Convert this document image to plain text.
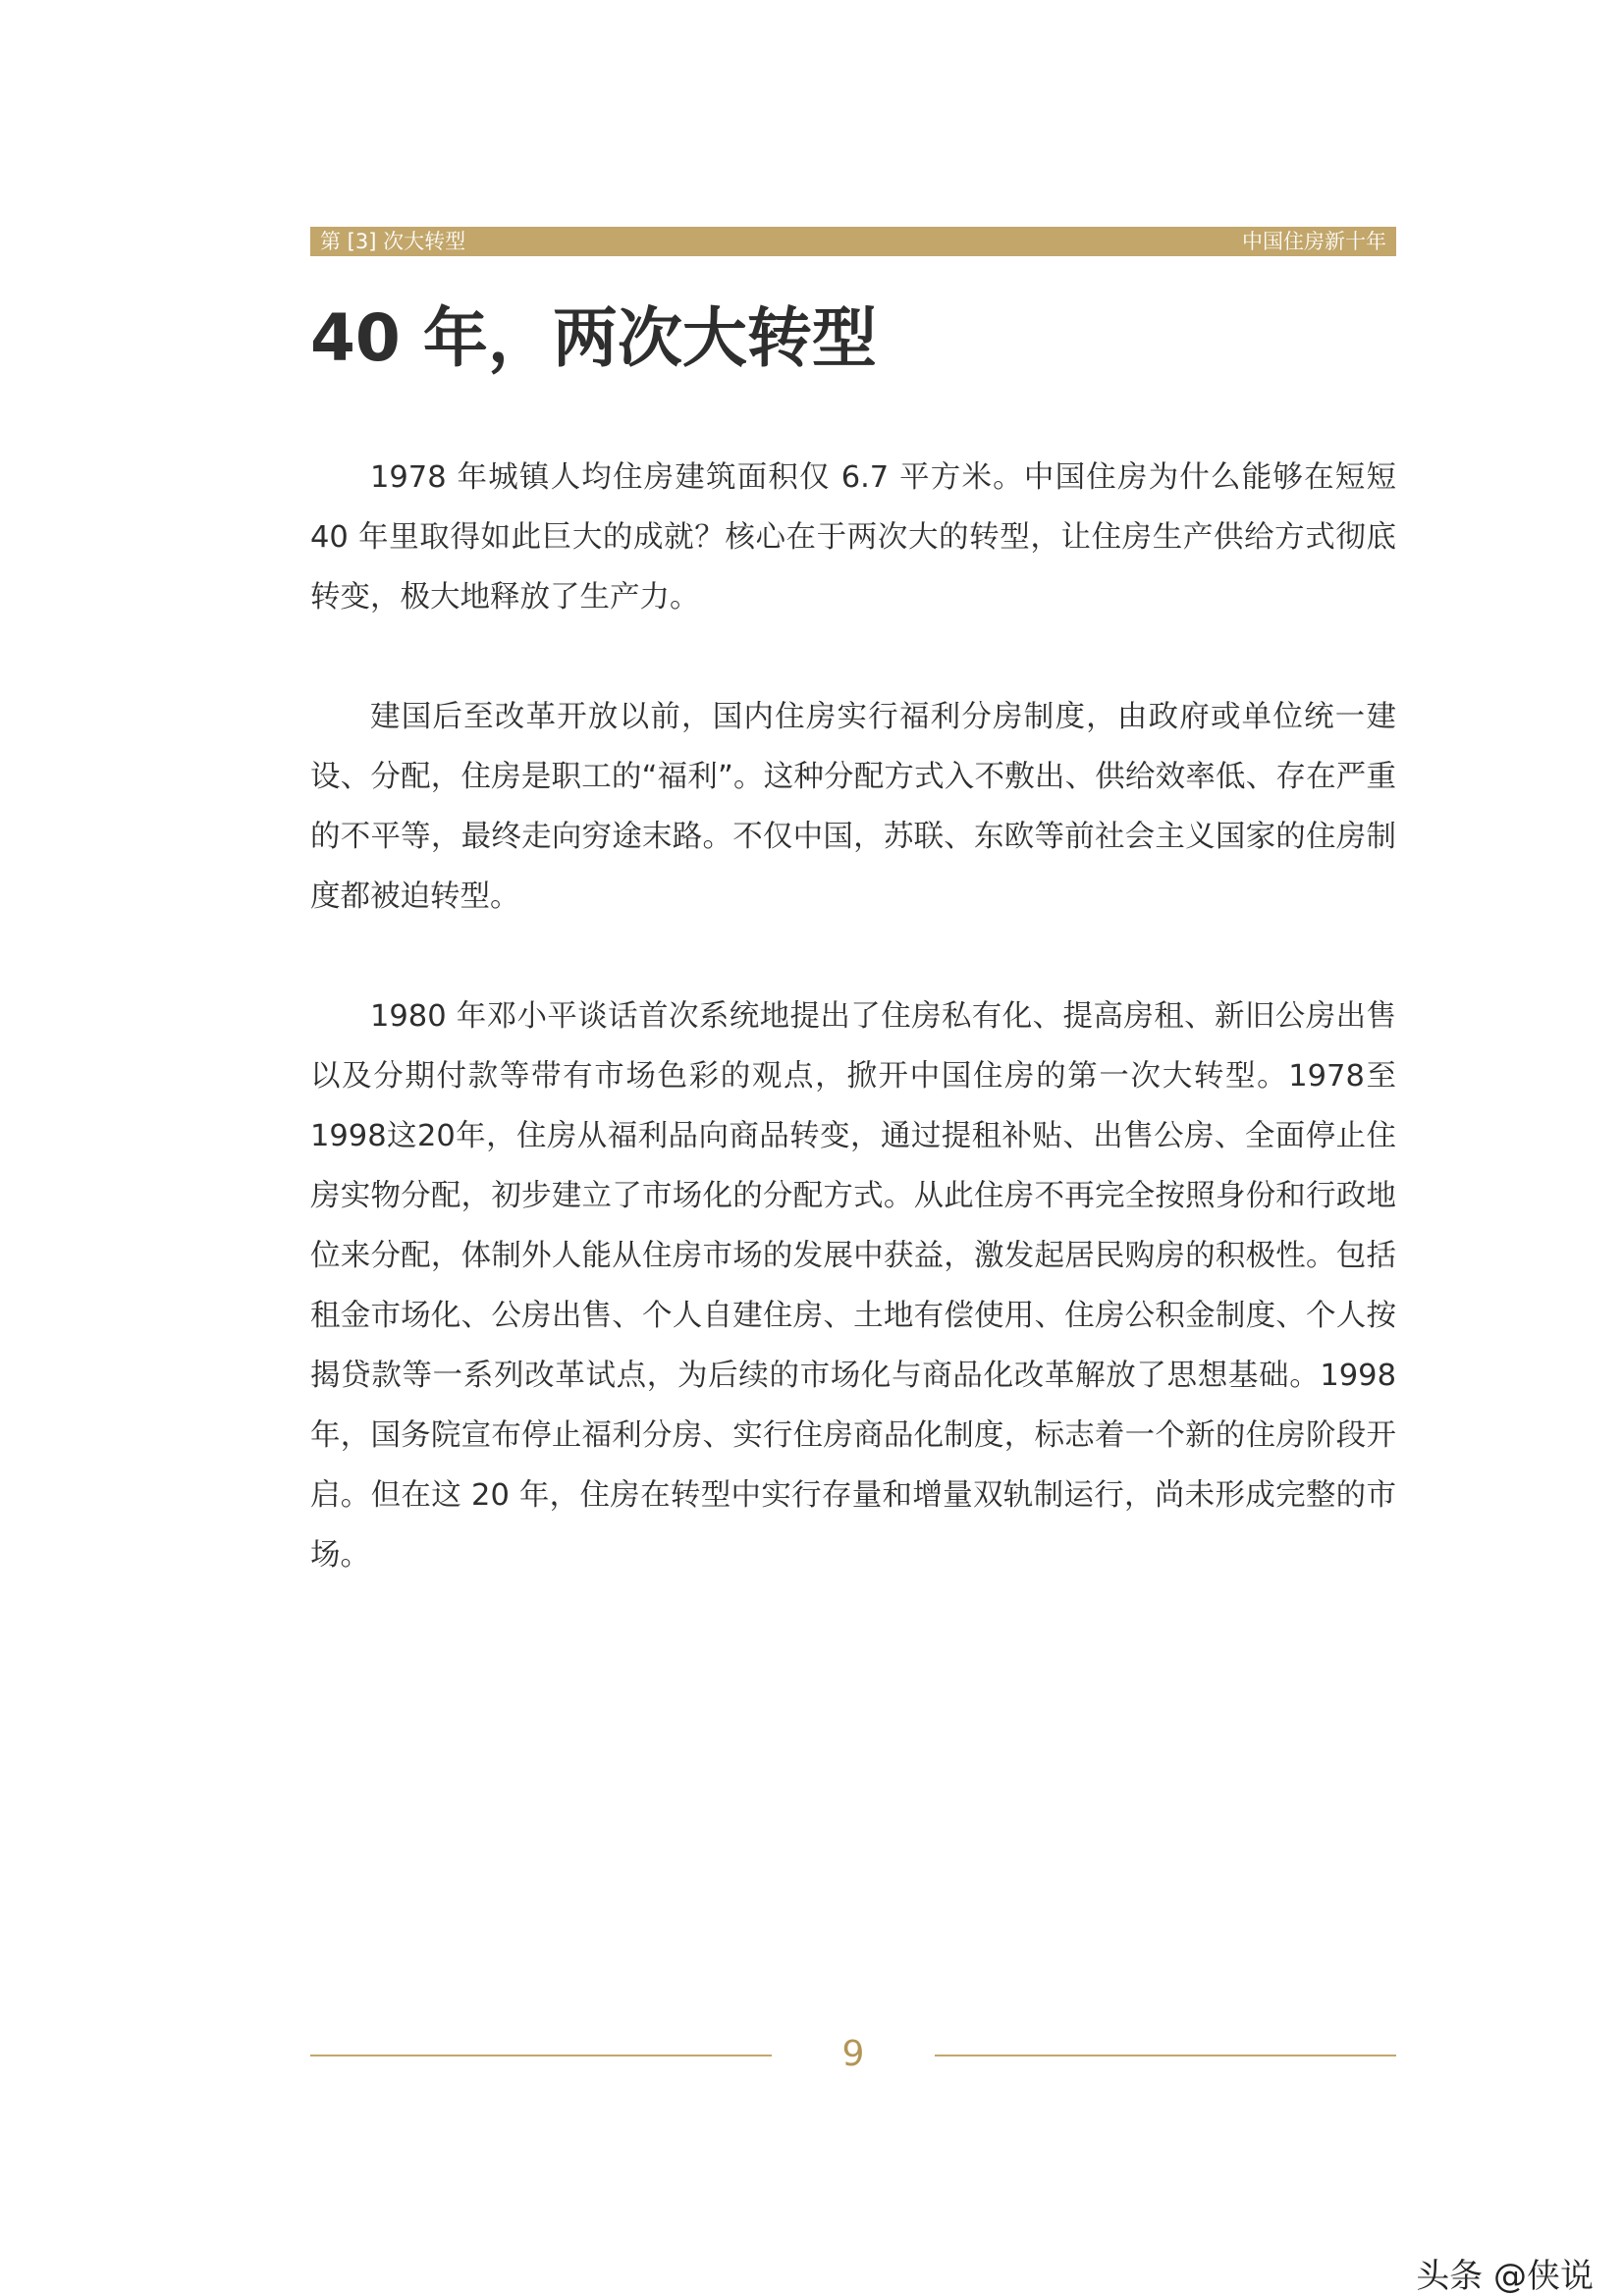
第 [3] 次大转型	中国住房新十年
40 年，两次大转型

1978 年城镇人均住房建筑面积仅 6.7 平方米。中国住房为什么能够在短短 40 年里取得如此巨大的成就？核心在于两次大的转型，让住房生产供给方式彻底转变，极大地释放了生产力。

建国后至改革开放以前，国内住房实行福利分房制度，由政府或单位统一建设、分配，住房是职工的“福利”。这种分配方式入不敷出、供给效率低、存在严重的不平等，最终走向穷途末路。不仅中国，苏联、东欧等前社会主义国家的住房制度都被迫转型。

1980 年邓小平谈话首次系统地提出了住房私有化、提高房租、新旧公房出售以及分期付款等带有市场色彩的观点，掀开中国住房的第一次大转型。1978至1998这20年，住房从福利品向商品转变，通过提租补贴、出售公房、全面停止住房实物分配，初步建立了市场化的分配方式。从此住房不再完全按照身份和行政地位来分配，体制外人能从住房市场的发展中获益，激发起居民购房的积极性。包括租金市场化、公房出售、个人自建住房、土地有偿使用、住房公积金制度、个人按揭贷款等一系列改革试点，为后续的市场化与商品化改革解放了思想基础。1998 年，国务院宣布停止福利分房、实行住房商品化制度，标志着一个新的住房阶段开启。但在这 20 年，住房在转型中实行存量和增量双轨制运行，尚未形成完整的市场。

9
头条 @侠说
